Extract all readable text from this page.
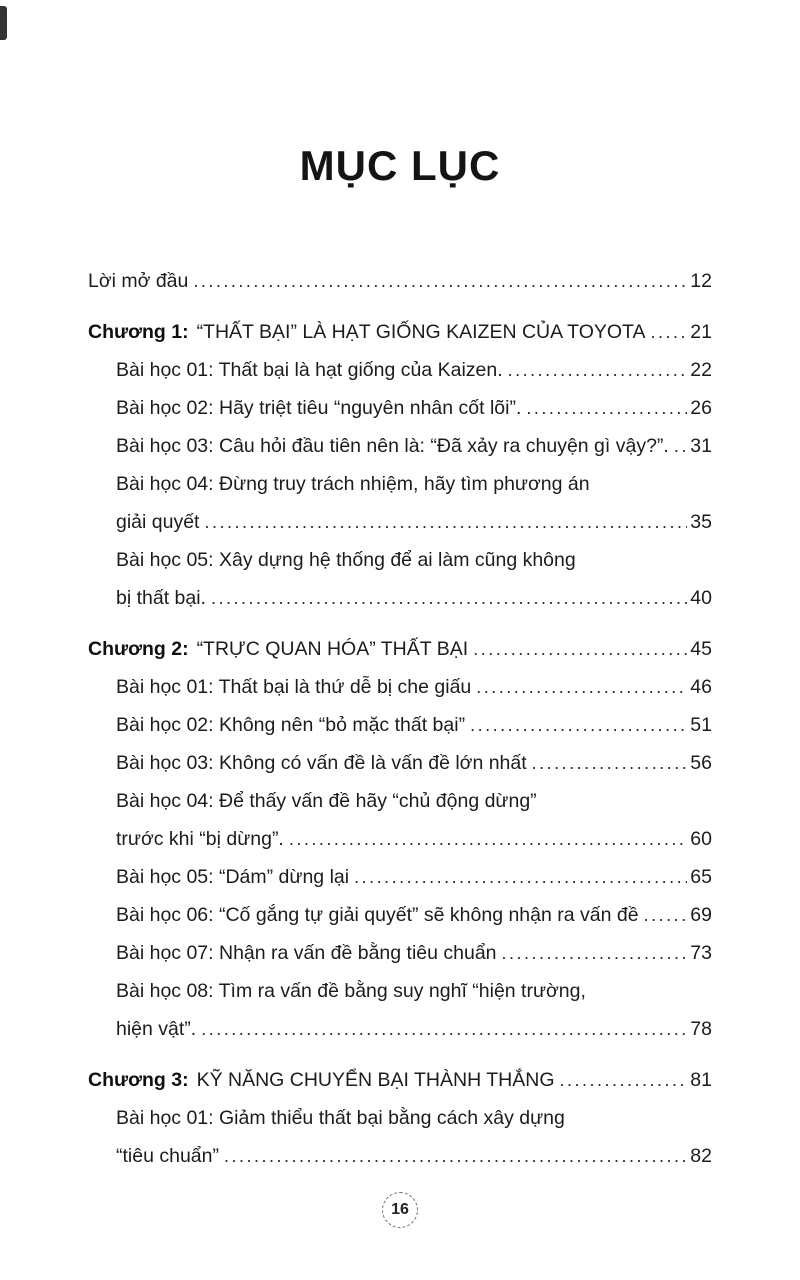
MỤC LỤC
Lời mở đầu .....	12
Chương 1: “THẤT BẠI” LÀ HẠT GIỐNG KAIZEN CỦA TOYOTA ..... 21
Bài học 01: Thất bại là hạt giống của Kaizen. .....	22
Bài học 02: Hãy triệt tiêu “nguyên nhân cốt lõi”. .....	26
Bài học 03: Câu hỏi đầu tiên nên là: “Đã xảy ra chuyện gì vậy?”. ..... 31
Bài học 04: Đừng truy trách nhiệm, hãy tìm phương án
giải quyết .....	35
Bài học 05: Xây dựng hệ thống để ai làm cũng không
bị thất bại. .....	40
Chương 2: “TRỰC QUAN HÓA” THẤT BẠI .....	45
Bài học 01: Thất bại là thứ dễ bị che giấu .....	46
Bài học 02: Không nên “bỏ mặc thất bại” .....	51
Bài học 03: Không có vấn đề là vấn đề lớn nhất .....	56
Bài học 04: Để thấy vấn đề hãy “chủ động dừng”
trước khi “bị dừng”. .....	60
Bài học 05: “Dám” dừng lại .....	65
Bài học 06: “Cố gắng tự giải quyết” sẽ không nhận ra vấn đề .....	69
Bài học 07: Nhận ra vấn đề bằng tiêu chuẩn .....	73
Bài học 08: Tìm ra vấn đề bằng suy nghĩ “hiện trường,
hiện vật”. .....	78
Chương 3: KỸ NĂNG CHUYỂN BẠI THÀNH THẮNG .....	81
Bài học 01: Giảm thiểu thất bại bằng cách xây dựng
“tiêu chuẩn” .....	82
16
